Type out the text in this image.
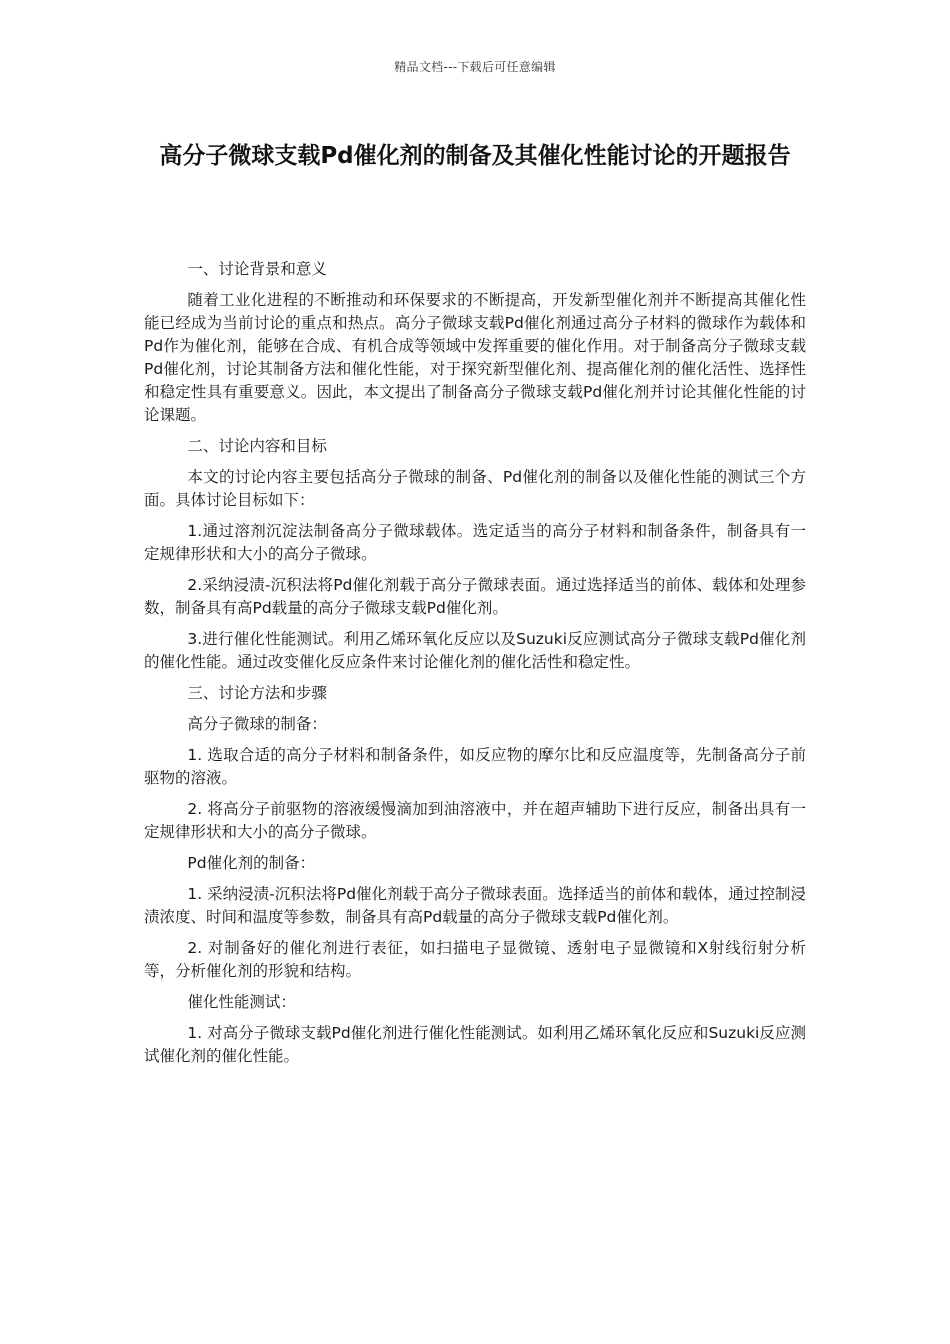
精品文档---下载后可任意编辑
高分子微球支载Pd催化剂的制备及其催化性能讨论的开题报告

一、讨论背景和意义

随着工业化进程的不断推动和环保要求的不断提高，开发新型催化剂并不断提高其催化性能已经成为当前讨论的重点和热点。高分子微球支载Pd催化剂通过高分子材料的微球作为载体和Pd作为催化剂，能够在合成、有机合成等领域中发挥重要的催化作用。对于制备高分子微球支载Pd催化剂，讨论其制备方法和催化性能，对于探究新型催化剂、提高催化剂的催化活性、选择性和稳定性具有重要意义。因此，本文提出了制备高分子微球支载Pd催化剂并讨论其催化性能的讨论课题。

二、讨论内容和目标

本文的讨论内容主要包括高分子微球的制备、Pd催化剂的制备以及催化性能的测试三个方面。具体讨论目标如下：

1.通过溶剂沉淀法制备高分子微球载体。选定适当的高分子材料和制备条件，制备具有一定规律形状和大小的高分子微球。

2.采纳浸渍-沉积法将Pd催化剂载于高分子微球表面。通过选择适当的前体、载体和处理参数，制备具有高Pd载量的高分子微球支载Pd催化剂。

3.进行催化性能测试。利用乙烯环氧化反应以及Suzuki反应测试高分子微球支载Pd催化剂的催化性能。通过改变催化反应条件来讨论催化剂的催化活性和稳定性。

三、讨论方法和步骤

高分子微球的制备：

1. 选取合适的高分子材料和制备条件，如反应物的摩尔比和反应温度等，先制备高分子前驱物的溶液。

2. 将高分子前驱物的溶液缓慢滴加到油溶液中，并在超声辅助下进行反应，制备出具有一定规律形状和大小的高分子微球。

Pd催化剂的制备：

1. 采纳浸渍-沉积法将Pd催化剂载于高分子微球表面。选择适当的前体和载体，通过控制浸渍浓度、时间和温度等参数，制备具有高Pd载量的高分子微球支载Pd催化剂。

2. 对制备好的催化剂进行表征，如扫描电子显微镜、透射电子显微镜和X射线衍射分析等，分析催化剂的形貌和结构。

催化性能测试：

1. 对高分子微球支载Pd催化剂进行催化性能测试。如利用乙烯环氧化反应和Suzuki反应测试催化剂的催化性能。
